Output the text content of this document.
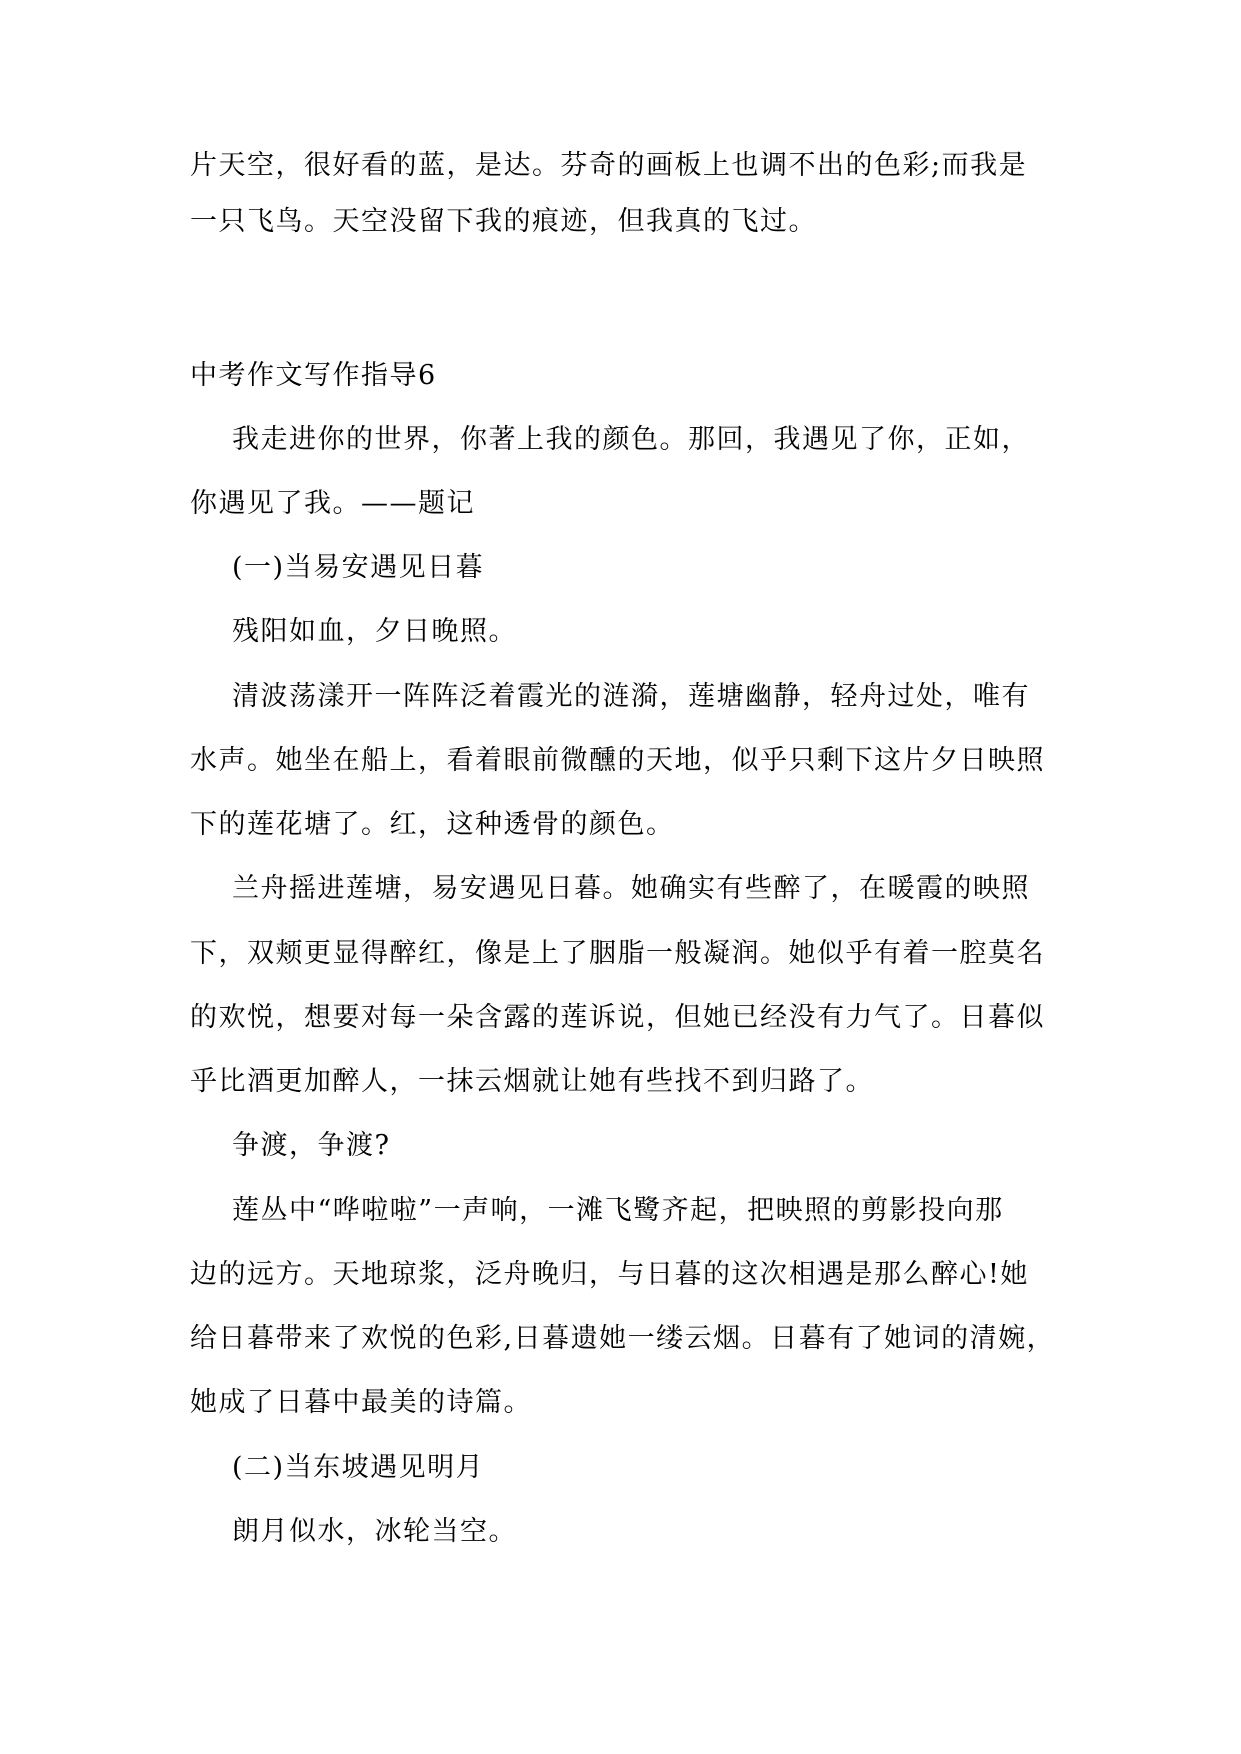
片天空，很好看的蓝，是达。芬奇的画板上也调不出的色彩;而我是
一只飞鸟。天空没留下我的痕迹，但我真的飞过。
中考作文写作指导6
我走进你的世界，你著上我的颜色。那回，我遇见了你，正如，
你遇见了我。——题记
(一)当易安遇见日暮
残阳如血，夕日晚照。
清波荡漾开一阵阵泛着霞光的涟漪，莲塘幽静，轻舟过处，唯有
水声。她坐在船上，看着眼前微醺的天地，似乎只剩下这片夕日映照
下的莲花塘了。红，这种透骨的颜色。
兰舟摇进莲塘，易安遇见日暮。她确实有些醉了，在暖霞的映照
下，双颊更显得醉红，像是上了胭脂一般凝润。她似乎有着一腔莫名
的欢悦，想要对每一朵含露的莲诉说，但她已经没有力气了。日暮似
乎比酒更加醉人，一抹云烟就让她有些找不到归路了。
争渡，争渡?
莲丛中“哗啦啦”一声响，一滩飞鹭齐起，把映照的剪影投向那
边的远方。天地琼浆，泛舟晚归，与日暮的这次相遇是那么醉心!她
给日暮带来了欢悦的色彩,日暮遗她一缕云烟。日暮有了她词的清婉，
她成了日暮中最美的诗篇。
(二)当东坡遇见明月
朗月似水，冰轮当空。
